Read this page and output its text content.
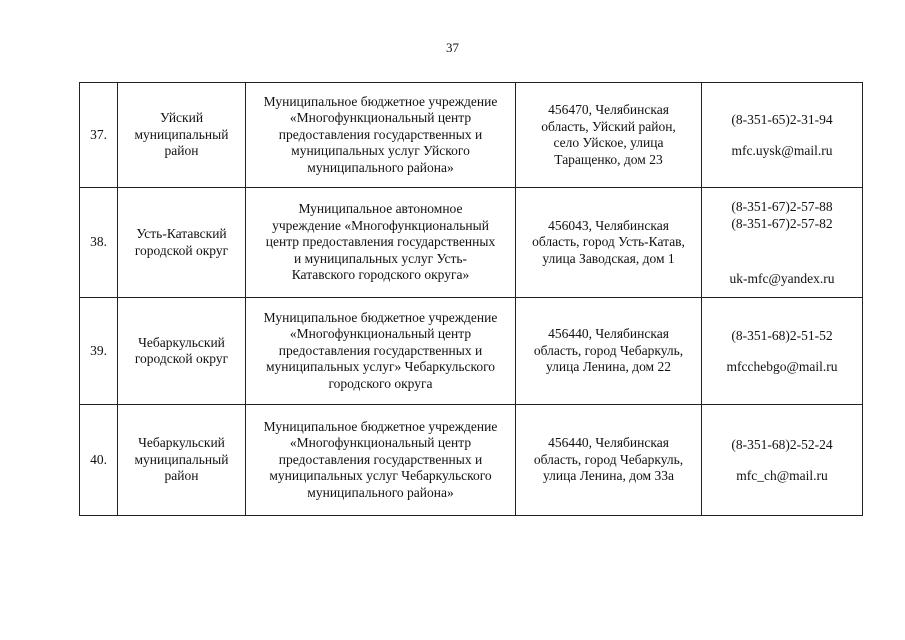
37
37.	Уйский
муниципальный
район	Муниципальное бюджетное учреждение
«Многофункциональный центр
предоставления государственных и
муниципальных услуг Уйского
муниципального района»	456470, Челябинская
область, Уйский район,
село Уйское, улица
Таращенко, дом 23	(8-351-65)2-31-94
mfc.uysk@mail.ru

38.	Усть-Катавский
городской округ	Муниципальное автономное
учреждение «Многофункциональный
центр предоставления государственных
и муниципальных услуг Усть-
Катавского городского округа»	456043, Челябинская
область, город Усть-Катав,
улица Заводская, дом 1	(8-351-67)2-57-88
(8-351-67)2-57-82
uk-mfc@yandex.ru

39.	Чебаркульский
городской округ	Муниципальное бюджетное учреждение
«Многофункциональный центр
предоставления государственных и
муниципальных услуг» Чебаркульского
городского округа	456440, Челябинская
область, город Чебаркуль,
улица Ленина, дом 22	(8-351-68)2-51-52
mfcchebgo@mail.ru

40.	Чебаркульский
муниципальный
район	Муниципальное бюджетное учреждение
«Многофункциональный центр
предоставления государственных и
муниципальных услуг Чебаркульского
муниципального района»	456440, Челябинская
область, город Чебаркуль,
улица Ленина, дом 33а	(8-351-68)2-52-24
mfc_ch@mail.ru
